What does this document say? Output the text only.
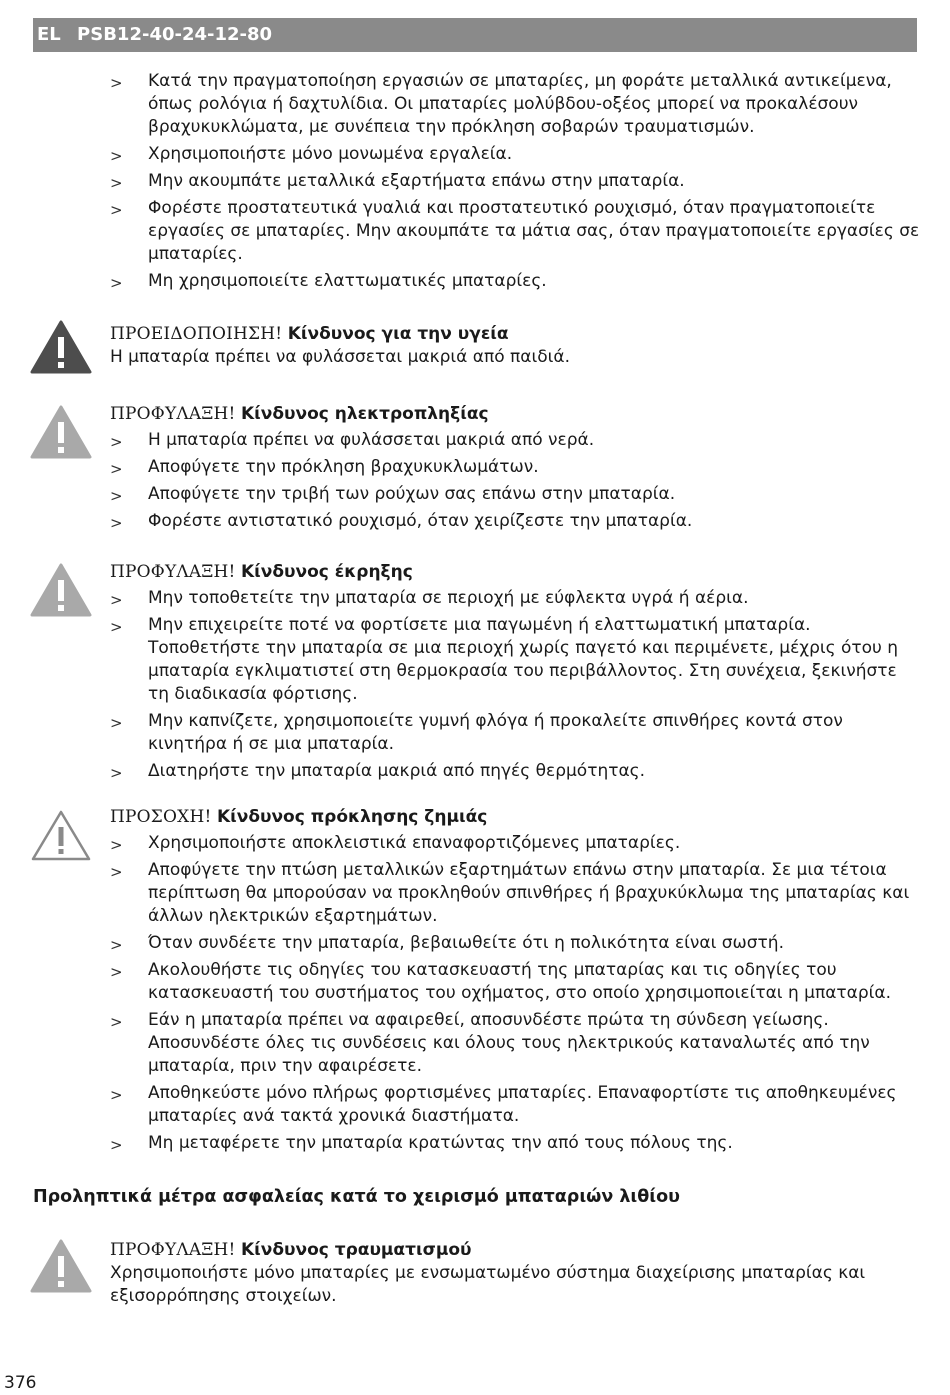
EL PSB12-40-24-12-80
> Κατά την πραγματοποίηση εργασιών σε μπαταρίες, μη φοράτε μεταλλικά αντικείμενα, όπως ρολόγια ή δαχτυλίδια. Οι μπαταρίες μολύβδου-οξέος μπορεί να προκαλέσουν βραχυκυκλώματα, με συνέπεια την πρόκληση σοβαρών τραυματισμών.
> Χρησιμοποιήστε μόνο μονωμένα εργαλεία.
> Μην ακουμπάτε μεταλλικά εξαρτήματα επάνω στην μπαταρία.
> Φορέστε προστατευτικά γυαλιά και προστατευτικό ρουχισμό, όταν πραγματοποιείτε εργασίες σε μπαταρίες. Μην ακουμπάτε τα μάτια σας, όταν πραγματοποιείτε εργασίες σε μπαταρίες.
> Μη χρησιμοποιείτε ελαττωματικές μπαταρίες.
ΠΡΟΕΙΔΟΠΟΙΗΣΗ! Κίνδυνος για την υγεία
Η μπαταρία πρέπει να φυλάσσεται μακριά από παιδιά.
ΠΡΟΦΥΛΑΞΗ! Κίνδυνος ηλεκτροπληξίας
> Η μπαταρία πρέπει να φυλάσσεται μακριά από νερά.
> Αποφύγετε την πρόκληση βραχυκυκλωμάτων.
> Αποφύγετε την τριβή των ρούχων σας επάνω στην μπαταρία.
> Φορέστε αντιστατικό ρουχισμό, όταν χειρίζεστε την μπαταρία.
ΠΡΟΦΥΛΑΞΗ! Κίνδυνος έκρηξης
> Μην τοποθετείτε την μπαταρία σε περιοχή με εύφλεκτα υγρά ή αέρια.
> Μην επιχειρείτε ποτέ να φορτίσετε μια παγωμένη ή ελαττωματική μπαταρία. Τοποθετήστε την μπαταρία σε μια περιοχή χωρίς παγετό και περιμένετε, μέχρις ότου η μπαταρία εγκλιματιστεί στη θερμοκρασία του περιβάλλοντος. Στη συνέχεια, ξεκινήστε τη διαδικασία φόρτισης.
> Μην καπνίζετε, χρησιμοποιείτε γυμνή φλόγα ή προκαλείτε σπινθήρες κοντά στον κινητήρα ή σε μια μπαταρία.
> Διατηρήστε την μπαταρία μακριά από πηγές θερμότητας.
ΠΡΟΣΟΧΗ! Κίνδυνος πρόκλησης ζημιάς
> Χρησιμοποιήστε αποκλειστικά επαναφορτιζόμενες μπαταρίες.
> Αποφύγετε την πτώση μεταλλικών εξαρτημάτων επάνω στην μπαταρία. Σε μια τέτοια περίπτωση θα μπορούσαν να προκληθούν σπινθήρες ή βραχυκύκλωμα της μπαταρίας και άλλων ηλεκτρικών εξαρτημάτων.
> Όταν συνδέετε την μπαταρία, βεβαιωθείτε ότι η πολικότητα είναι σωστή.
> Ακολουθήστε τις οδηγίες του κατασκευαστή της μπαταρίας και τις οδηγίες του κατασκευαστή του συστήματος του οχήματος, στο οποίο χρησιμοποιείται η μπαταρία.
> Εάν η μπαταρία πρέπει να αφαιρεθεί, αποσυνδέστε πρώτα τη σύνδεση γείωσης. Αποσυνδέστε όλες τις συνδέσεις και όλους τους ηλεκτρικούς καταναλωτές από την μπαταρία, πριν την αφαιρέσετε.
> Αποθηκεύστε μόνο πλήρως φορτισμένες μπαταρίες. Επαναφορτίστε τις αποθηκευμένες μπαταρίες ανά τακτά χρονικά διαστήματα.
> Μη μεταφέρετε την μπαταρία κρατώντας την από τους πόλους της.
Προληπτικά μέτρα ασφαλείας κατά το χειρισμό μπαταριών λιθίου
ΠΡΟΦΥΛΑΞΗ! Κίνδυνος τραυματισμού
Χρησιμοποιήστε μόνο μπαταρίες με ενσωματωμένο σύστημα διαχείρισης μπαταρίας και εξισορρόπησης στοιχείων.
376
